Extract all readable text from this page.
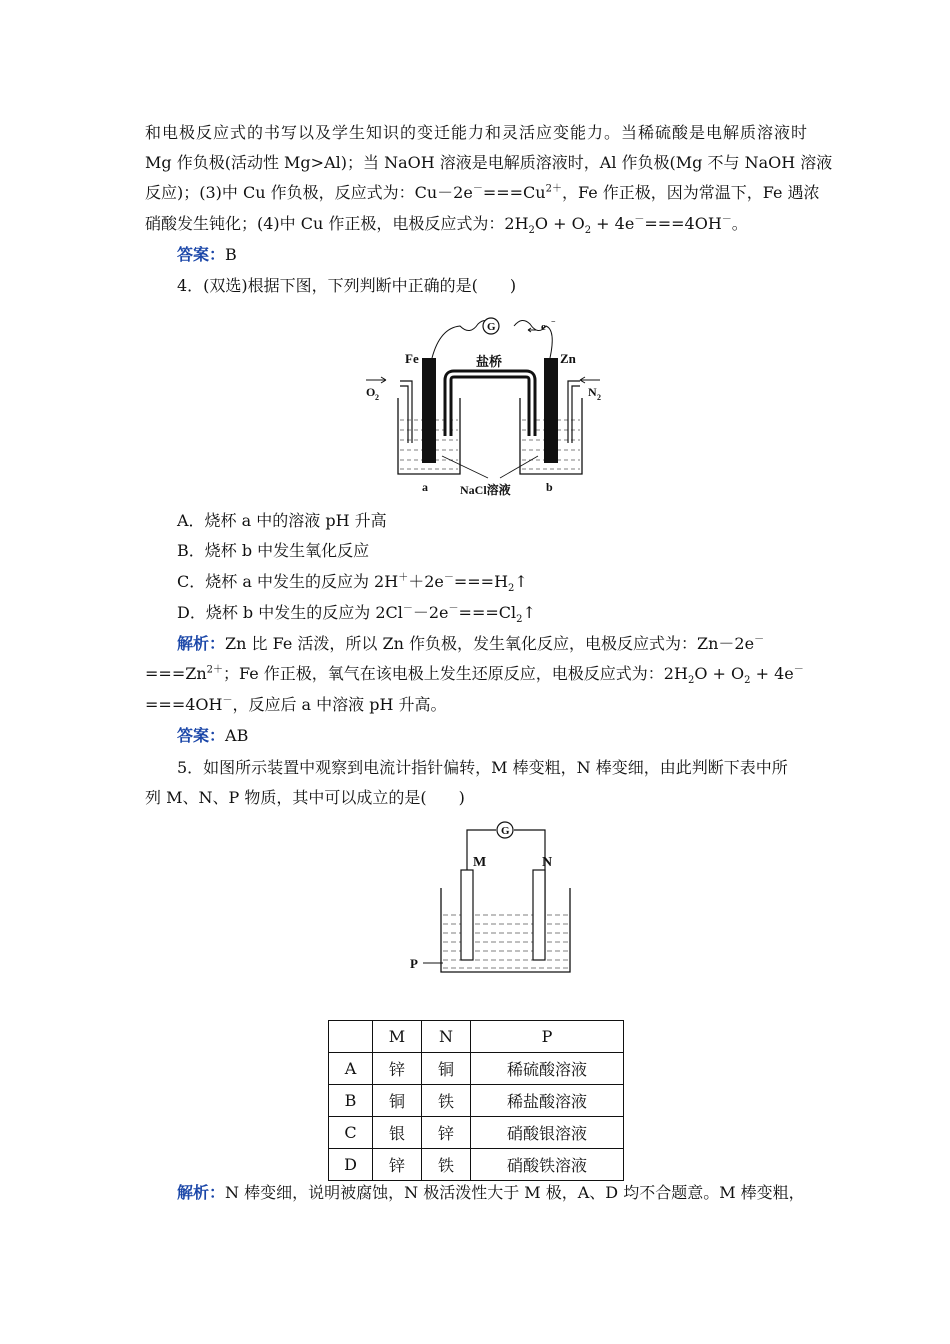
和电极反应式的书写以及学生知识的变迁能力和灵活应变能力。当稀硫酸是电解质溶液时
Mg 作负极(活动性 Mg>Al)；当 NaOH 溶液是电解质溶液时，Al 作负极(Mg 不与 NaOH 溶液
反应)；(3)中 Cu 作负极，反应式为：$Cu-2e^-===Cu^{2+}$，Fe 作正极，因为常温下，Fe 遇浓
硝酸发生钝化；(4)中 Cu 作正极，电极反应式为：$2H_2O + O_2 + 4e^-===4OH^-$。
答案：B
4．(双选)根据下图，下列判断中正确的是(　　)
G	e −
Fe	Zn
盐桥
O 2	N 2
a	b
NaCl溶液
A．烧杯 a 中的溶液 pH 升高
B．烧杯 b 中发生氧化反应
C．烧杯 a 中发生的反应为 $2H^++2e^-===H_2↑$
D．烧杯 b 中发生的反应为 $2Cl^--2e^-===Cl_2↑$
解析：Zn 比 Fe 活泼，所以 Zn 作负极，发生氧化反应，电极反应式为：Zn－2e－
$===Zn^{2+}$；Fe 作正极，氧气在该电极上发生还原反应，电极反应式为：$2H_2O + O_2 + 4e^-$
===4OH－，反应后 a 中溶液 pH 升高。
答案：AB
5．如图所示装置中观察到电流计指针偏转，M 棒变粗，N 棒变细，由此判断下表中所
列 M、N、P 物质，其中可以成立的是(　　)
G
M	N
P
	M	N	P
A	锌	铜	稀硫酸溶液
B	铜	铁	稀盐酸溶液
C	银	锌	硝酸银溶液
D	锌	铁	硝酸铁溶液
解析：N 棒变细，说明被腐蚀，N 极活泼性大于 M 极，A、D 均不合题意。M 棒变粗，
